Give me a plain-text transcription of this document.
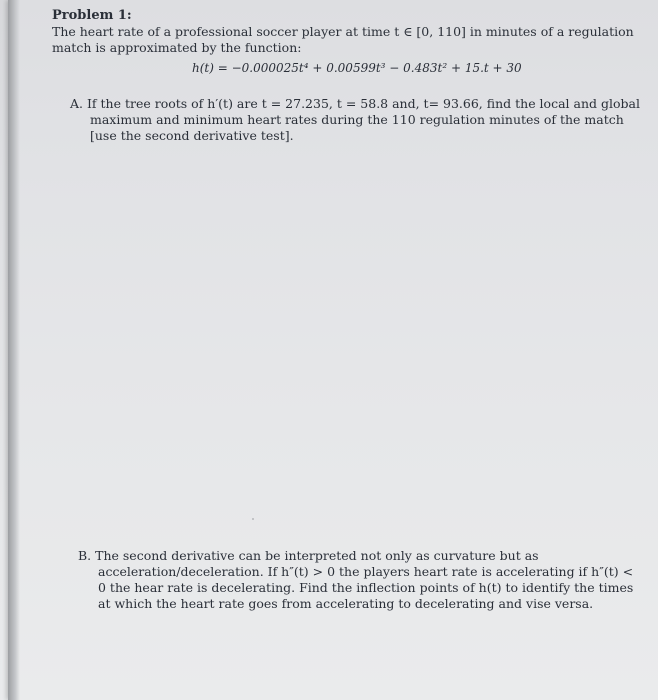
Problem 1:

The heart rate of a professional soccer player at time t ∈ [0, 110] in minutes of a regulation match is approximated by the function:

h(t) = −0.000025t⁴ + 0.00599t³ − 0.483t² + 15.t + 30

A. If the tree roots of h′(t) are t = 27.235, t = 58.8 and, t= 93.66, find the local and global maximum and minimum heart rates during the 110 regulation minutes of the match [use the second derivative test].

B. The second derivative can be interpreted not only as curvature but as acceleration/deceleration. If h″(t) > 0 the players heart rate is accelerating if h″(t) < 0 the hear rate is decelerating. Find the inflection points of h(t) to identify the times at which the heart rate goes from accelerating to decelerating and vise versa.
